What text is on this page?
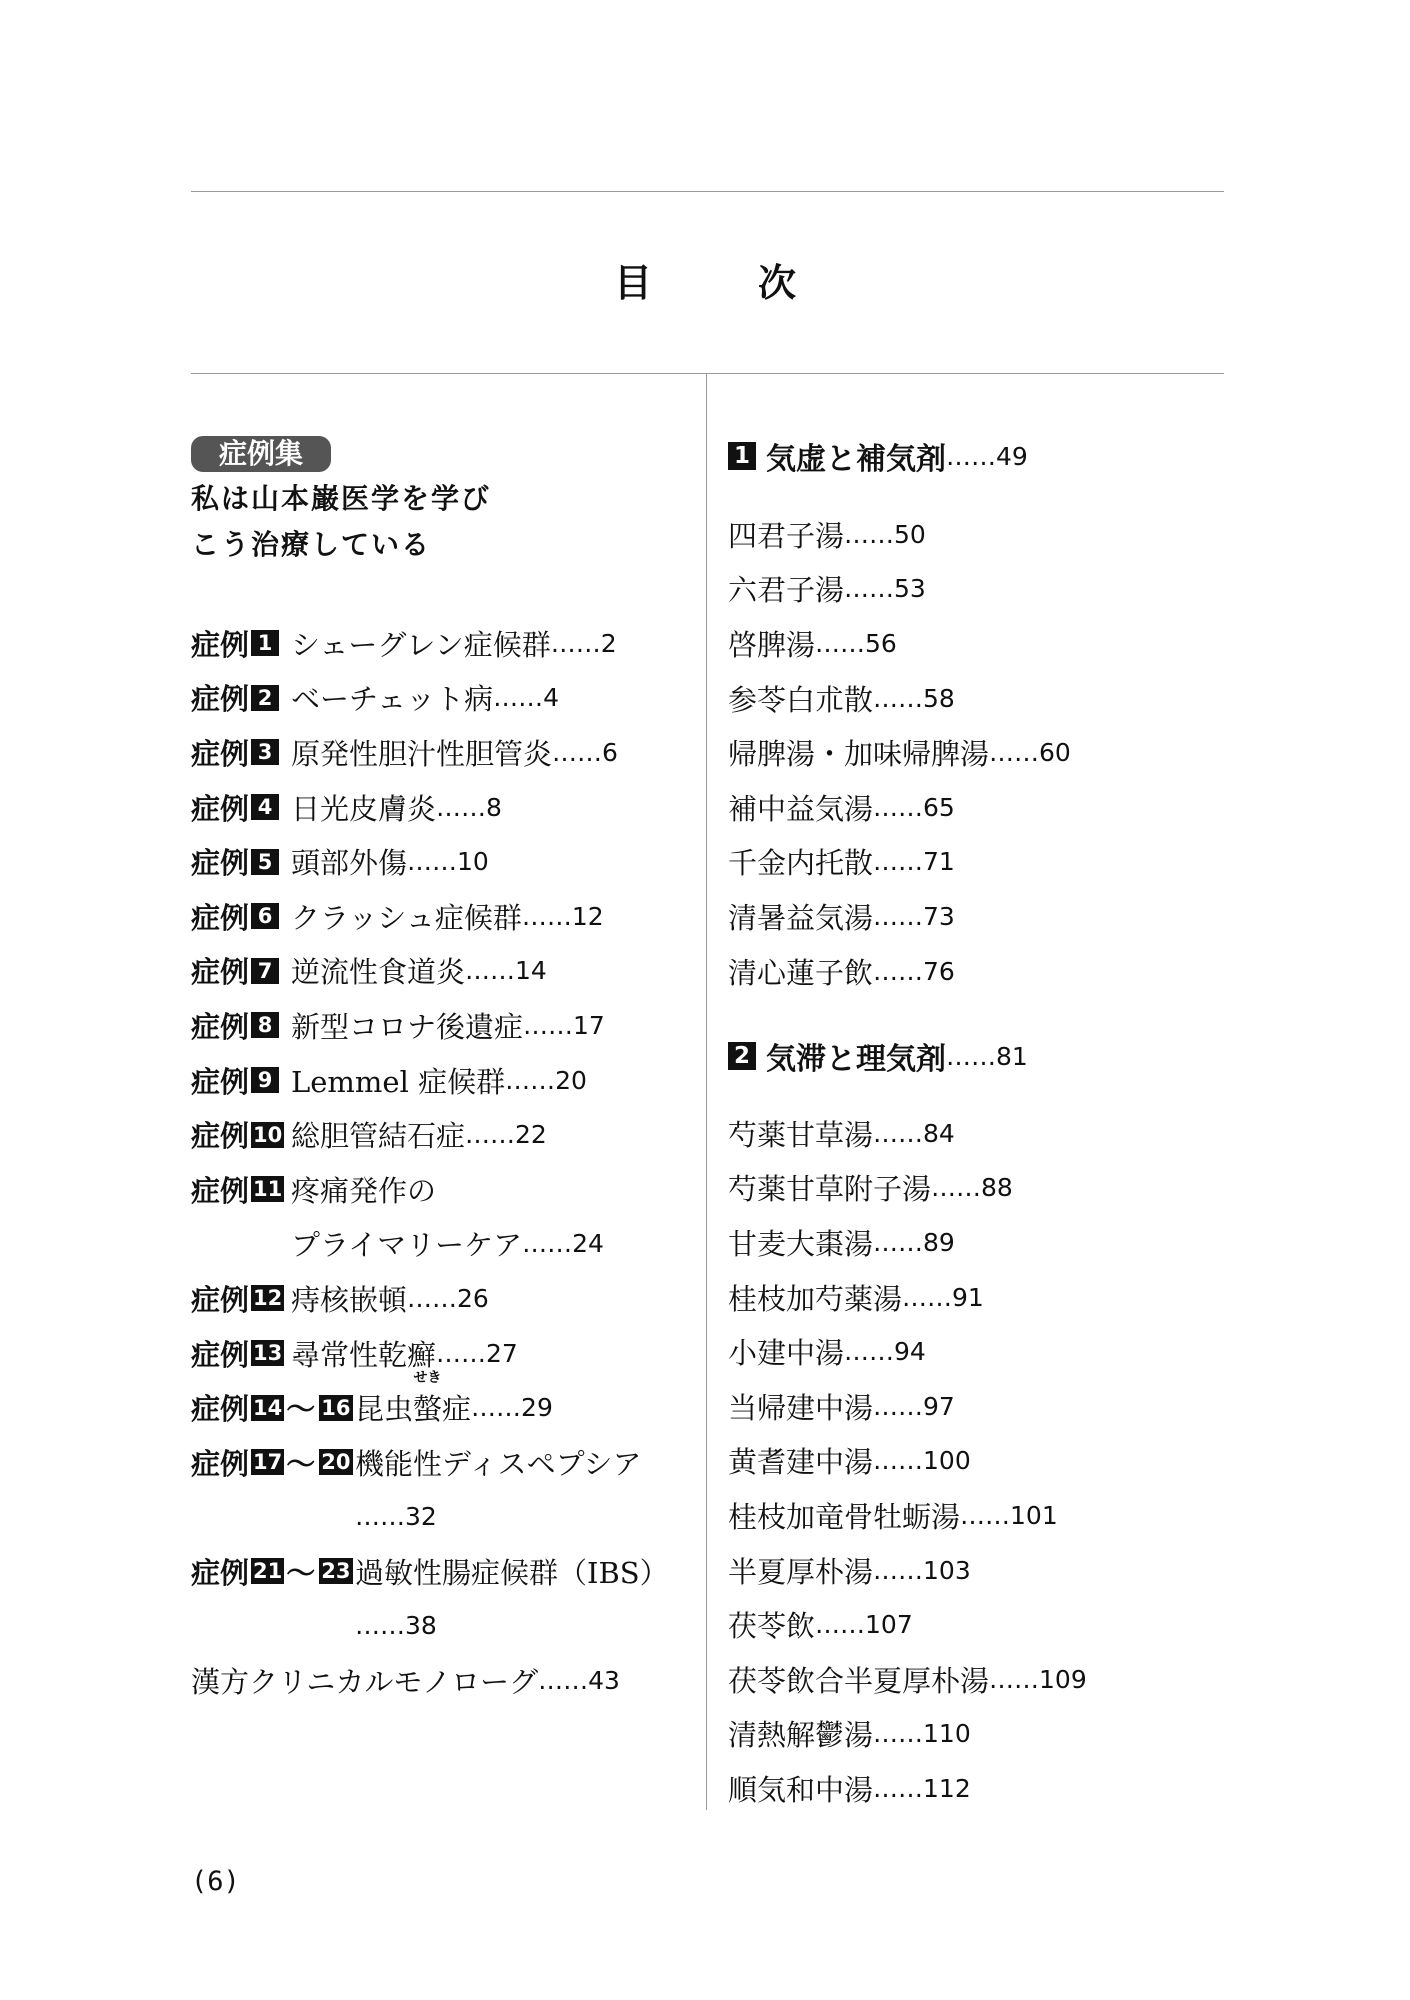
目　次
症例集
私は山本巌医学を学び
こう治療している
症例 1 シェーグレン症候群 ……2
症例 2 ベーチェット病 ……4
症例 3 原発性胆汁性胆管炎 ……6
症例 4 日光皮膚炎 ……8
症例 5 頭部外傷 ……10
症例 6 クラッシュ症候群 ……12
症例 7 逆流性食道炎 ……14
症例 8 新型コロナ後遺症 ……17
症例 9 Lemmel 症候群 ……20
症例 10 総胆管結石症 ……22
症例 11 疼痛発作の
プライマリーケア ……24
症例 12 痔核嵌頓 ……26
症例 13 尋常性乾癬 ……27
症例 14 ～ 16 昆虫
せき
螫症 ……29
症例 17 ～ 20 機能性ディスペプシア
……32
症例 21 ～ 23 過敏性腸症候群（IBS）
……38
漢方クリニカルモノローグ ……43
1 気虚と補気剤 ……49
四君子湯 ……50
六君子湯 ……53
啓脾湯 ……56
参苓白朮散 ……58
帰脾湯・加味帰脾湯 ……60
補中益気湯 ……65
千金内托散 ……71
清暑益気湯 ……73
清心蓮子飲 ……76
2 気滞と理気剤 ……81
芍薬甘草湯 ……84
芍薬甘草附子湯 ……88
甘麦大棗湯 ……89
桂枝加芍薬湯 ……91
小建中湯 ……94
当帰建中湯 ……97
黄耆建中湯 ……100
桂枝加竜骨牡蛎湯 ……101
半夏厚朴湯 ……103
茯苓飲 ……107
茯苓飲合半夏厚朴湯 ……109
清熱解鬱湯 ……110
順気和中湯 ……112
(6)
